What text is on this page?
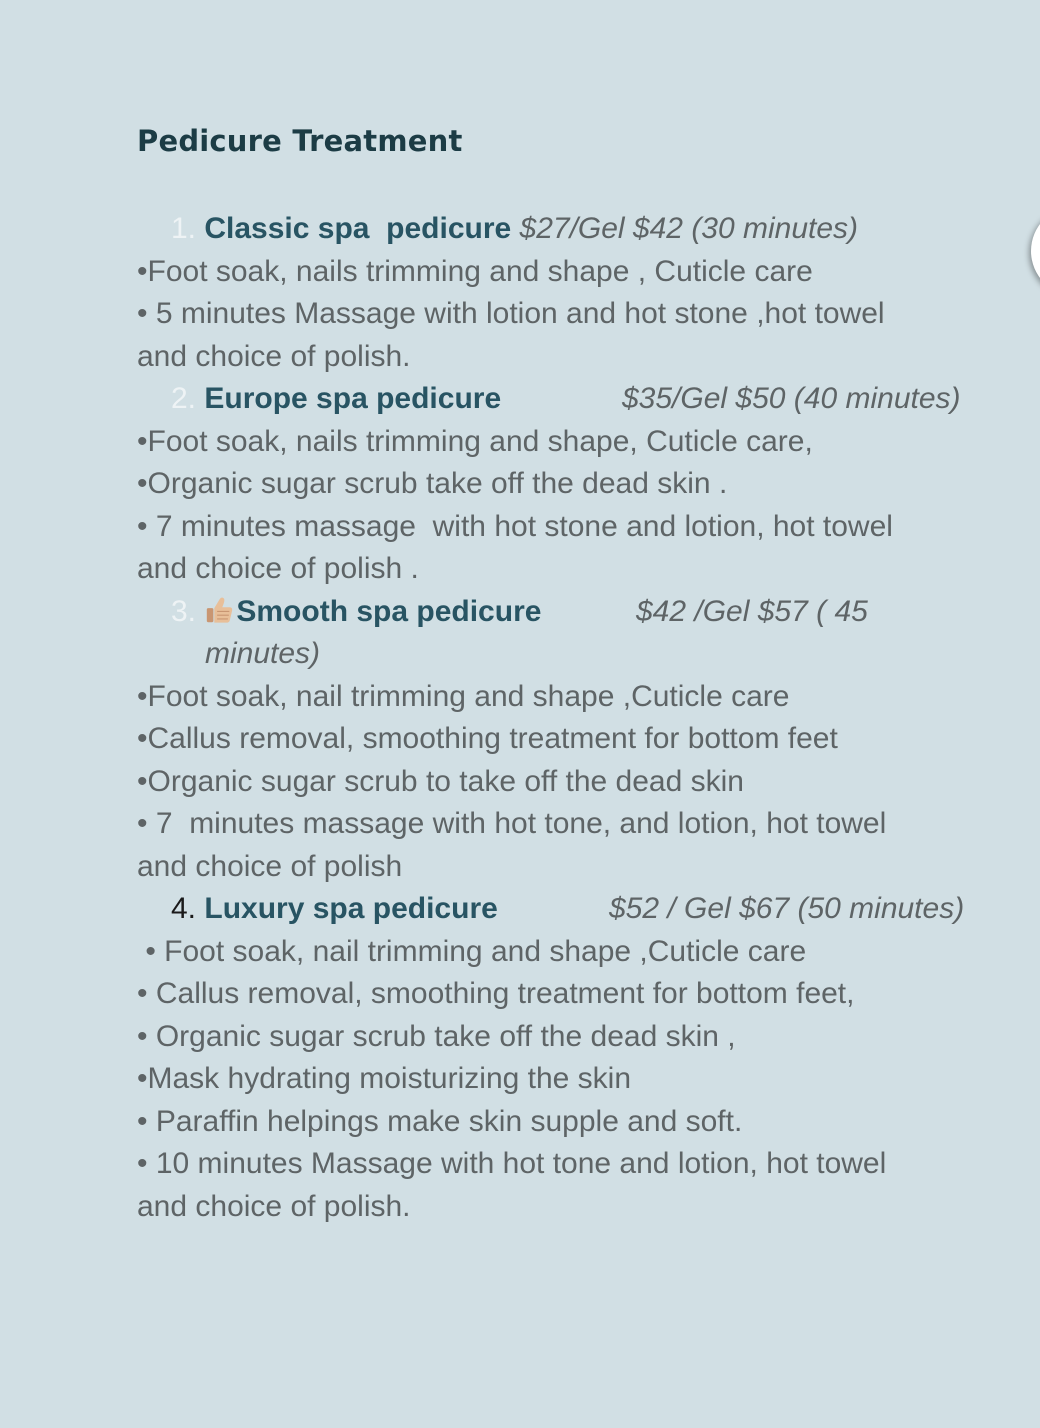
Pedicure Treatment
1. Classic spa  pedicure $27/Gel $42 (30 minutes)
•Foot soak, nails trimming and shape , Cuticle care
• 5 minutes Massage with lotion and hot stone ,hot towel
and choice of polish.
2. Europe spa pedicure	$35/Gel $50 (40 minutes)
•Foot soak, nails trimming and shape, Cuticle care,
•Organic sugar scrub take off the dead skin .
• 7 minutes massage  with hot stone and lotion, hot towel
and choice of polish .
3. Smooth spa pedicure	$42 /Gel $57 ( 45
minutes)
•Foot soak, nail trimming and shape ,Cuticle care
•Callus removal, smoothing treatment for bottom feet
•Organic sugar scrub to take off the dead skin
• 7  minutes massage with hot tone, and lotion, hot towel
and choice of polish
4. Luxury spa pedicure	$52 / Gel $67 (50 minutes)
• Foot soak, nail trimming and shape ,Cuticle care
• Callus removal, smoothing treatment for bottom feet,
• Organic sugar scrub take off the dead skin ,
•Mask hydrating moisturizing the skin
• Paraffin helpings make skin supple and soft.
• 10 minutes Massage with hot tone and lotion, hot towel
and choice of polish.
